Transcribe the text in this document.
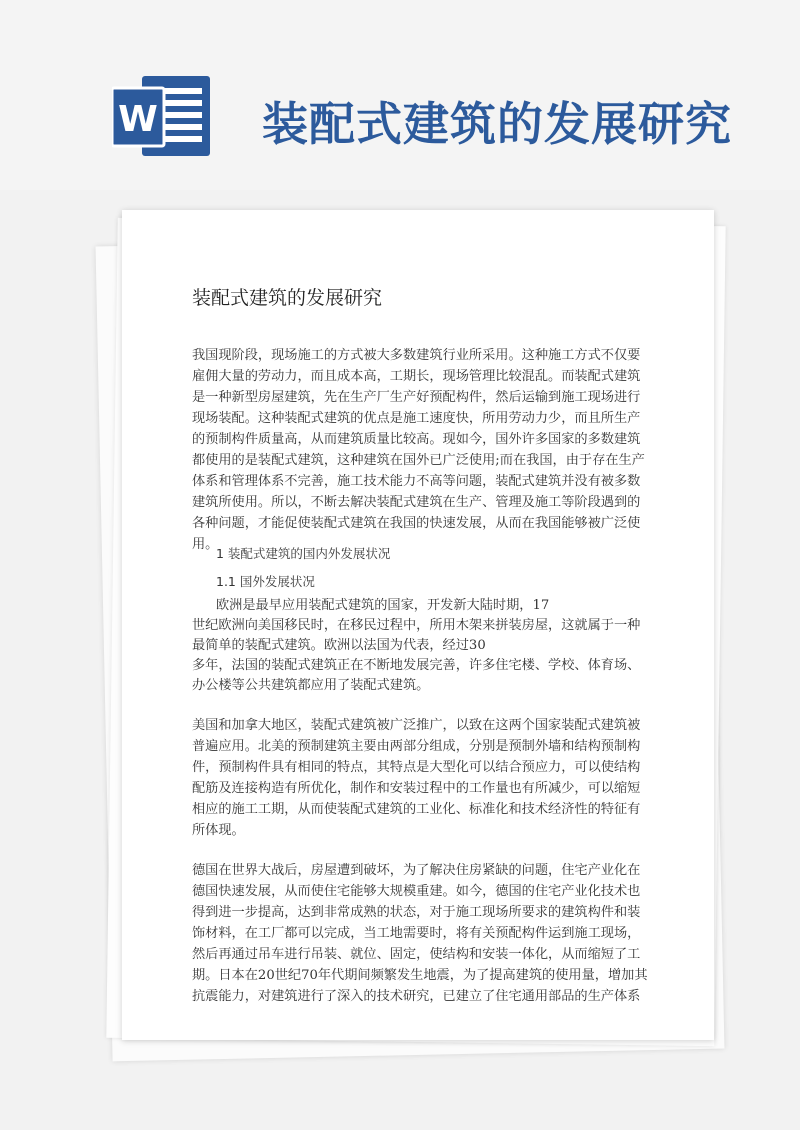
W 装配式建筑的发展研究
装配式建筑的发展研究
我国现阶段，现场施工的方式被大多数建筑行业所采用。这种施工方式不仅要
雇佣大量的劳动力，而且成本高，工期长，现场管理比较混乱。而装配式建筑
是一种新型房屋建筑，先在生产厂生产好预配构件，然后运输到施工现场进行
现场装配。这种装配式建筑的优点是施工速度快，所用劳动力少，而且所生产
的预制构件质量高，从而建筑质量比较高。现如今，国外许多国家的多数建筑
都使用的是装配式建筑，这种建筑在国外已广泛使用;而在我国，由于存在生产
体系和管理体系不完善，施工技术能力不高等问题，装配式建筑并没有被多数
建筑所使用。所以，不断去解决装配式建筑在生产、管理及施工等阶段遇到的
各种问题，才能促使装配式建筑在我国的快速发展，从而在我国能够被广泛使
用。
1 装配式建筑的国内外发展状况
1.1 国外发展状况
欧洲是最早应用装配式建筑的国家，开发新大陆时期，17
世纪欧洲向美国移民时，在移民过程中，所用木架来拼装房屋，这就属于一种
最简单的装配式建筑。欧洲以法国为代表，经过30
多年，法国的装配式建筑正在不断地发展完善，许多住宅楼、学校、体育场、
办公楼等公共建筑都应用了装配式建筑。
美国和加拿大地区，装配式建筑被广泛推广，以致在这两个国家装配式建筑被
普遍应用。北美的预制建筑主要由两部分组成，分别是预制外墙和结构预制构
件，预制构件具有相同的特点，其特点是大型化可以结合预应力，可以使结构
配筋及连接构造有所优化，制作和安装过程中的工作量也有所减少，可以缩短
相应的施工工期，从而使装配式建筑的工业化、标准化和技术经济性的特征有
所体现。
德国在世界大战后，房屋遭到破坏，为了解决住房紧缺的问题，住宅产业化在
德国快速发展，从而使住宅能够大规模重建。如今，德国的住宅产业化技术也
得到进一步提高，达到非常成熟的状态，对于施工现场所要求的建筑构件和装
饰材料，在工厂都可以完成，当工地需要时，将有关预配构件运到施工现场，
然后再通过吊车进行吊装、就位、固定，使结构和安装一体化，从而缩短了工
期。日本在20世纪70年代期间频繁发生地震，为了提高建筑的使用量，增加其
抗震能力，对建筑进行了深入的技术研究，已建立了住宅通用部品的生产体系
